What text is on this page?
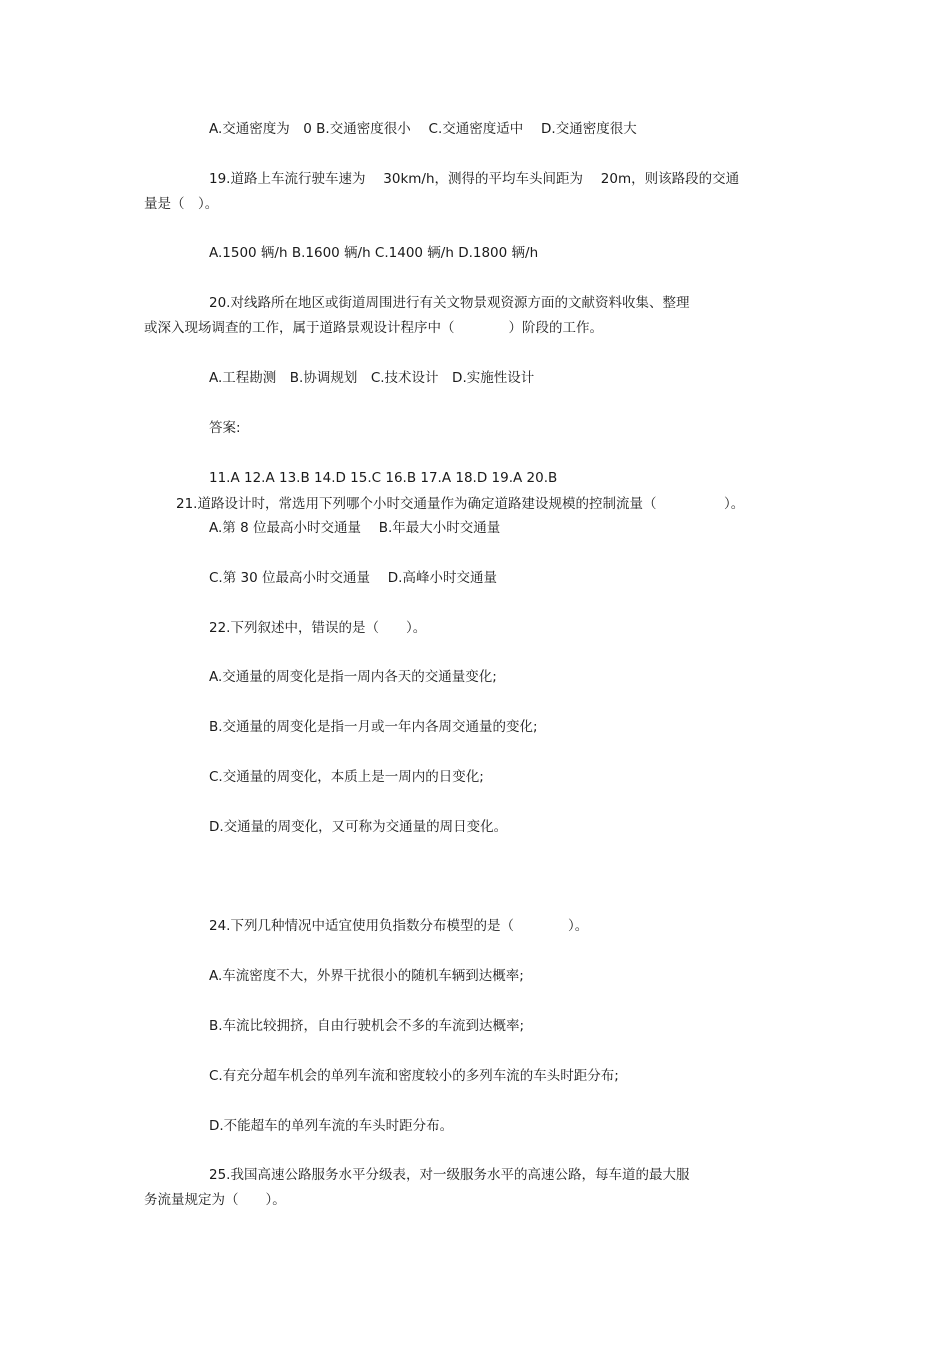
A.交通密度为　0 B.交通密度很小　 C.交通密度适中　 D.交通密度很大
19.道路上车流行驶车速为　 30km/h，测得的平均车头间距为　 20m，则该路段的交通
量是（　）。
A.1500 辆/h B.1600 辆/h C.1400 辆/h D.1800 辆/h
20.对线路所在地区或街道周围进行有关文物景观资源方面的文献资料收集、整理
或深入现场调查的工作，属于道路景观设计程序中（　　　　）阶段的工作。
A.工程勘测　B.协调规划　C.技术设计　D.实施性设计
答案:
11.A 12.A 13.B 14.D 15.C 16.B 17.A 18.D 19.A 20.B
21.道路设计时，常选用下列哪个小时交通量作为确定道路建设规模的控制流量（　　　　　）。
A.第 8 位最高小时交通量　 B.年最大小时交通量
C.第 30 位最高小时交通量　 D.高峰小时交通量
22.下列叙述中，错误的是（　　）。
A.交通量的周变化是指一周内各天的交通量变化;
B.交通量的周变化是指一月或一年内各周交通量的变化;
C.交通量的周变化，本质上是一周内的日变化;
D.交通量的周变化，又可称为交通量的周日变化。
24.下列几种情况中适宜使用负指数分布模型的是（　　　　）。
A.车流密度不大，外界干扰很小的随机车辆到达概率;
B.车流比较拥挤，自由行驶机会不多的车流到达概率;
C.有充分超车机会的单列车流和密度较小的多列车流的车头时距分布;
D.不能超车的单列车流的车头时距分布。
25.我国高速公路服务水平分级表，对一级服务水平的高速公路，每车道的最大服
务流量规定为（　　）。
